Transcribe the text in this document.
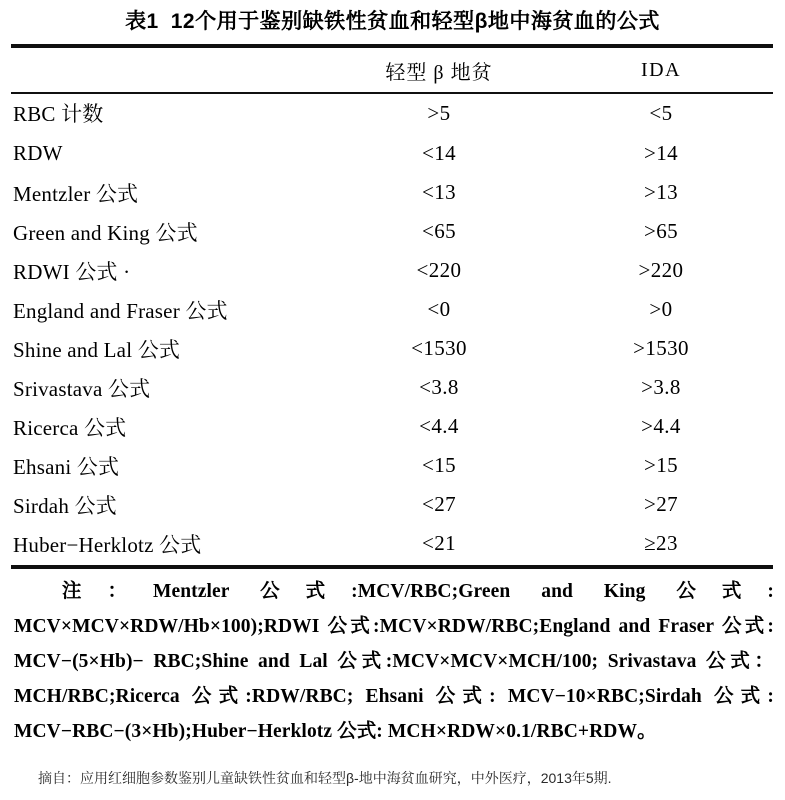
表1 12个用于鉴别缺铁性贫血和轻型β地中海贫血的公式
	轻型 β 地贫	IDA
RBC 计数	>5	<5
RDW	<14	>14
Mentzler 公式	<13	>13
Green and King 公式	<65	>65
RDWI 公式 ·	<220	>220
England and Fraser 公式	<0	>0
Shine and Lal 公式	<1530	>1530
Srivastava 公式	<3.8	>3.8
Ricerca 公式	<4.4	>4.4
Ehsani 公式	<15	>15
Sirdah 公式	<27	>27
Huber−Herklotz 公式	<21	≥23
注：Mentzler 公式:MCV/RBC;Green and King 公式: MCV×MCV×RDW/Hb×100);RDWI 公式:MCV×RDW/RBC;England and Fraser 公式: MCV−(5×Hb)− RBC;Shine and Lal 公式:MCV×MCV×MCH/100; Srivastava 公式：MCH/RBC;Ricerca 公式:RDW/RBC; Ehsani 公式: MCV−10×RBC;Sirdah 公式: MCV−RBC−(3×Hb);Huber−Herklotz 公式: MCH×RDW×0.1/RBC+RDW。
摘自：应用红细胞参数鉴别儿童缺铁性贫血和轻型β-地中海贫血研究，中外医疗，2013年5期.
